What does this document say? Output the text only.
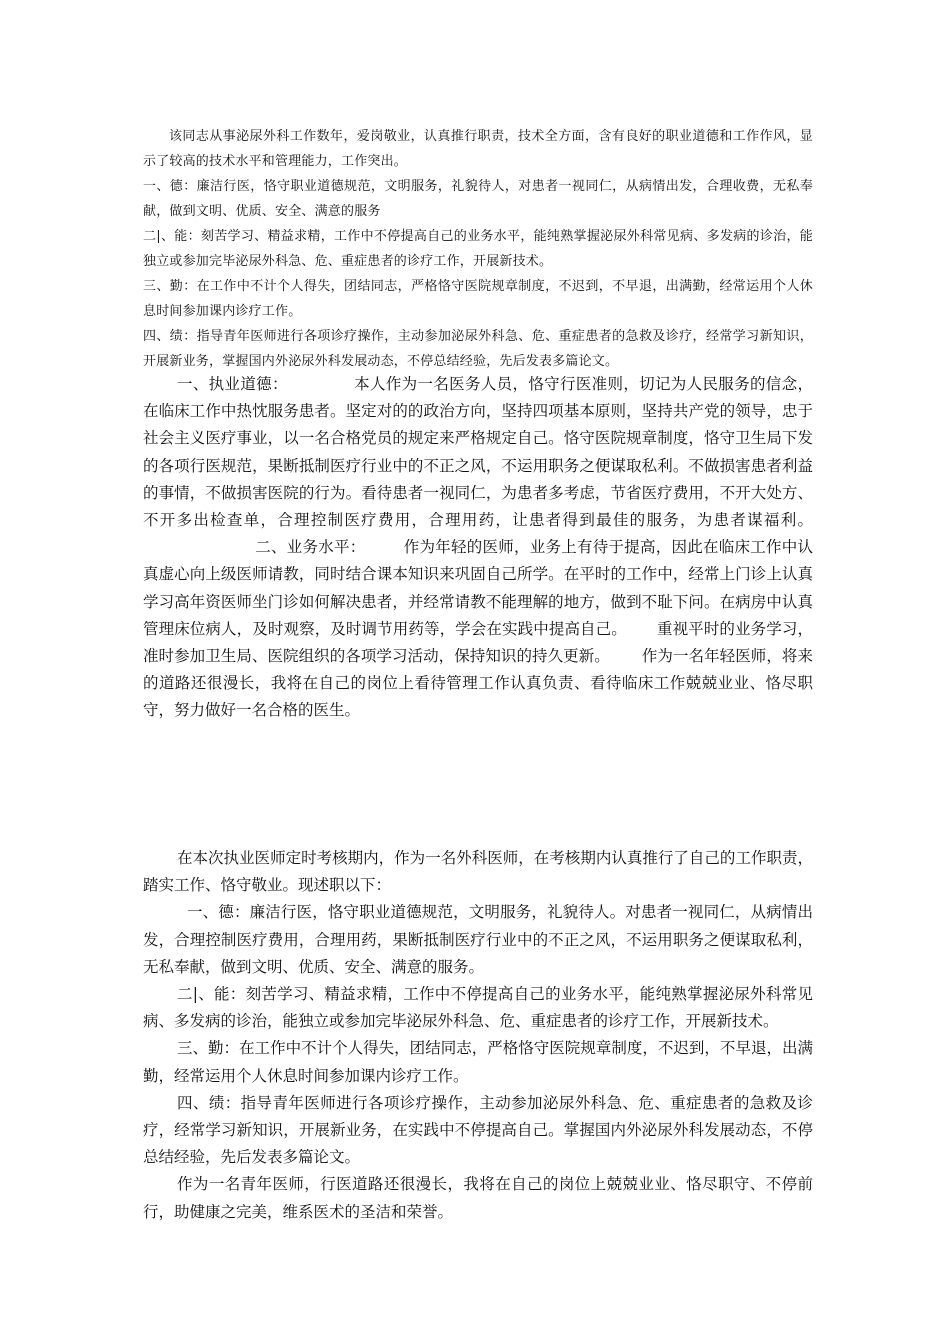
该同志从事泌尿外科工作数年，爱岗敬业，认真推行职责，技术全方面，含有良好的职业道德和工作作风，显示了较高的技术水平和管理能力，工作突出。

一、德：廉洁行医，恪守职业道德规范，文明服务，礼貌待人，对患者一视同仁，从病情出发，合理收费，无私奉献，做到文明、优质、安全、满意的服务

二|、能：刻苦学习、精益求精，工作中不停提高自己的业务水平，能纯熟掌握泌尿外科常见病、多发病的诊治，能独立或参加完毕泌尿外科急、危、重症患者的诊疗工作，开展新技术。

三、勤：在工作中不计个人得失，团结同志，严格恪守医院规章制度，不迟到，不早退，出满勤，经常运用个人休息时间参加课内诊疗工作。

四、绩：指导青年医师进行各项诊疗操作，主动参加泌尿外科急、危、重症患者的急救及诊疗，经常学习新知识，开展新业务，掌握国内外泌尿外科发展动态，不停总结经验，先后发表多篇论文。

一、执业道德：	本人作为一名医务人员，恪守行医准则，切记为人民服务的信念，在临床工作中热忱服务患者。坚定对的的政治方向，坚持四项基本原则，坚持共产党的领导，忠于社会主义医疗事业，以一名合格党员的规定来严格规定自己。恪守医院规章制度，恪守卫生局下发的各项行医规范，果断抵制医疗行业中的不正之风，不运用职务之便谋取私利。不做损害患者利益的事情，不做损害医院的行为。看待患者一视同仁，为患者多考虑，节省医疗费用，不开大处方、不开多出检查单，合理控制医疗费用，合理用药，让患者得到最佳的服务，为患者谋福利。二、业务水平： 作为年轻的医师，业务上有待于提高，因此在临床工作中认真虚心向上级医师请教，同时结合课本知识来巩固自己所学。在平时的工作中，经常上门诊上认真学习高年资医师坐门诊如何解决患者，并经常请教不能理解的地方，做到不耻下问。在病房中认真管理床位病人，及时观察，及时调节用药等，学会在实践中提高自己。 重视平时的业务学习，准时参加卫生局、医院组织的各项学习活动，保持知识的持久更新。 作为一名年轻医师，将来的道路还很漫长，我将在自己的岗位上看待管理工作认真负责、看待临床工作兢兢业业、恪尽职守，努力做好一名合格的医生。

在本次执业医师定时考核期内，作为一名外科医师，在考核期内认真推行了自己的工作职责，踏实工作、恪守敬业。现述职以下：

一、德：廉洁行医，恪守职业道德规范，文明服务，礼貌待人。对患者一视同仁，从病情出发，合理控制医疗费用，合理用药，果断抵制医疗行业中的不正之风，不运用职务之便谋取私利，无私奉献，做到文明、优质、安全、满意的服务。

二|、能：刻苦学习、精益求精，工作中不停提高自己的业务水平，能纯熟掌握泌尿外科常见病、多发病的诊治，能独立或参加完毕泌尿外科急、危、重症患者的诊疗工作，开展新技术。

三、勤：在工作中不计个人得失，团结同志，严格恪守医院规章制度，不迟到，不早退，出满勤，经常运用个人休息时间参加课内诊疗工作。

四、绩：指导青年医师进行各项诊疗操作，主动参加泌尿外科急、危、重症患者的急救及诊疗，经常学习新知识，开展新业务，在实践中不停提高自己。掌握国内外泌尿外科发展动态，不停总结经验，先后发表多篇论文。

作为一名青年医师，行医道路还很漫长，我将在自己的岗位上兢兢业业、恪尽职守、不停前行，助健康之完美，维系医术的圣洁和荣誉。
